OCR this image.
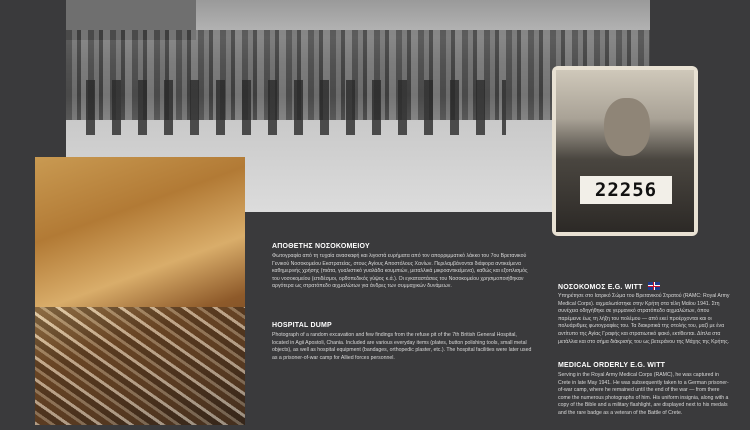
22256
ΑΠΟΘΕΤΗΣ ΝΟΣΟΚΟΜΕΙΟΥ
Φωτογραφία από τη τυχαία ανασκαφή και λιγοστά ευρήματα από τον απορριμματικό λάκκο του 7ου Βρετανικού Γενικού Νοσοκομείου Εκστρατείας, στους Αγίους Αποστόλους Χανίων. Περιλαμβάνονται διάφορα αντικείμενα καθημερινής χρήσης (πιάτα, γυαλιστικό γυαλάδα κουμπιών, μεταλλικά μικροαντικείμενα), καθώς και εξοπλισμός του νοσοκομείου (επιδέσμοι, ορθοπεδικός γύψος κ.ά.). Οι εγκαταστάσεις του Νοσοκομείου χρησιμοποιήθηκαν αργότερα ως στρατόπεδο αιχμαλώτων για άνδρες των συμμαχικών δυνάμεων.
HOSPITAL DUMP
Photograph of a random excavation and few findings from the refuse pit of the 7th British General Hospital, located in Agii Apostoli, Chania. Included are various everyday items (plates, button polishing tools, small metal objects), as well as hospital equipment (bandages, orthopedic plaster, etc.). The hospital facilities were later used as a prisoner-of-war camp for Allied forces personnel.
ΝΟΣΟΚΟΜΟΣ E.G. WITT
Υπηρέτησε στο Ιατρικό Σώμα του Βρετανικού Στρατού (RAMC: Royal Army Medical Corps). αιχμαλωτίστηκε στην Κρήτη στα τέλη Μαΐου 1941. Στη συνέχεια οδηγήθηκε σε γερμανικό στρατόπεδο αιχμαλώτων, όπου παρέμεινε έως τη λήξη του πολέμου — από εκεί προέρχονται και οι πολυάριθμες φωτογραφίες του. Τα διακριτικά της στολής του, μαζί με ένα αντίτυπο της Αγίας Γραφής και στρατιωτικό φακό, εκτίθενται. Δίπλα στα μετάλλια και στο σήμα διάκρισής του ως βετεράνου της Μάχης της Κρήτης.
MEDICAL ORDERLY E.G. WITT
Serving in the Royal Army Medical Corps (RAMC), he was captured in Crete in late May 1941. He was subsequently taken to a German prisoner-of-war camp, where he remained until the end of the war — from there come the numerous photographs of him. His uniform insignia, along with a copy of the Bible and a military flashlight, are displayed next to his medals and the rare badge as a veteran of the Battle of Crete.
